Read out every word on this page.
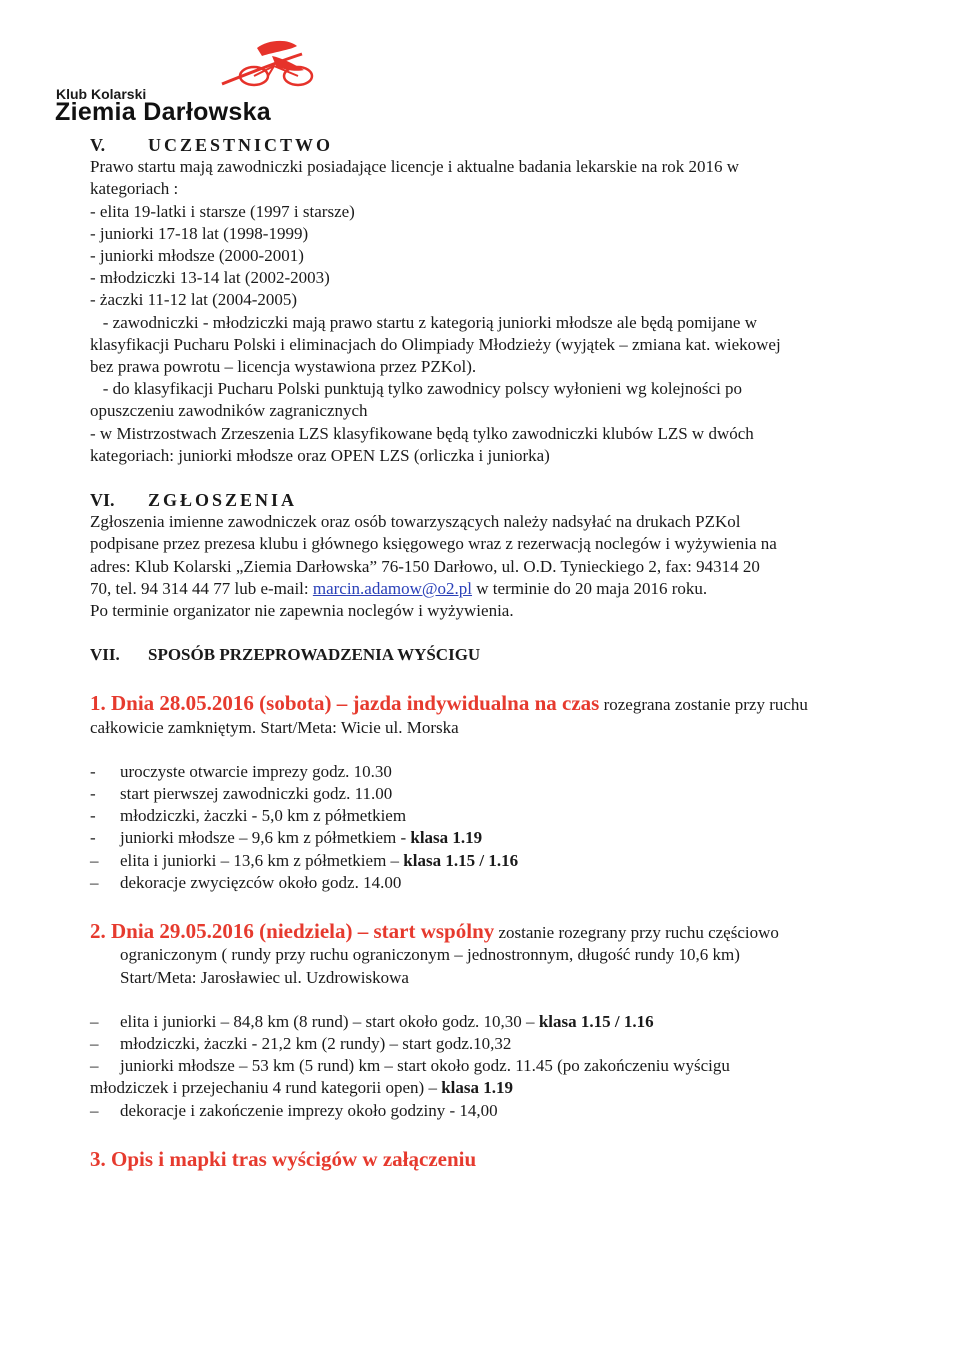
Klub Kolarski
Ziemia Darłowska
V. UCZESTNICTWO
Prawo startu mają zawodniczki posiadające licencje i aktualne badania lekarskie na rok 2016 w
kategoriach :
- elita 19-latki i starsze (1997 i starsze)
- juniorki 17-18 lat (1998-1999)
- juniorki młodsze (2000-2001)
- młodziczki 13-14 lat (2002-2003)
- żaczki 11-12 lat (2004-2005)
- zawodniczki - młodziczki mają prawo startu z kategorią juniorki młodsze ale będą pomijane w
klasyfikacji Pucharu Polski i eliminacjach do Olimpiady Młodzieży (wyjątek – zmiana kat. wiekowej
bez prawa powrotu – licencja wystawiona przez PZKol).
- do klasyfikacji Pucharu Polski punktują tylko zawodnicy polscy wyłonieni wg kolejności po
opuszczeniu zawodników zagranicznych
- w Mistrzostwach Zrzeszenia LZS klasyfikowane będą tylko zawodniczki klubów LZS w dwóch
kategoriach: juniorki młodsze oraz OPEN LZS (orliczka i juniorka)
VI. ZGŁOSZENIA
Zgłoszenia imienne zawodniczek oraz osób towarzyszących należy nadsyłać na drukach PZKol
podpisane przez prezesa klubu i głównego księgowego wraz z rezerwacją noclegów i wyżywienia na
adres: Klub Kolarski „Ziemia Darłowska” 76-150 Darłowo, ul. O.D. Tynieckiego 2, fax: 94314 20
70, tel. 94 314 44 77 lub e-mail: marcin.adamow@o2.pl w terminie do 20 maja 2016 roku.
Po terminie organizator nie zapewnia noclegów i wyżywienia.
VII. SPOSÓB PRZEPROWADZENIA WYŚCIGU
1. Dnia 28.05.2016 (sobota) – jazda indywidualna na czas rozegrana zostanie przy ruchu
całkowicie zamkniętym. Start/Meta: Wicie ul. Morska
- uroczyste otwarcie imprezy godz. 10.30
- start pierwszej zawodniczki godz. 11.00
- młodziczki, żaczki - 5,0 km z półmetkiem
- juniorki młodsze – 9,6 km z półmetkiem - klasa 1.19
– elita i juniorki – 13,6 km z półmetkiem – klasa 1.15 / 1.16
– dekoracje zwycięzców około godz. 14.00
2. Dnia 29.05.2016 (niedziela) – start wspólny zostanie rozegrany przy ruchu częściowo
ograniczonym ( rundy przy ruchu ograniczonym – jednostronnym, długość rundy 10,6 km)
Start/Meta: Jarosławiec ul. Uzdrowiskowa
– elita i juniorki – 84,8 km (8 rund) – start około godz. 10,30 – klasa 1.15 / 1.16
– młodziczki, żaczki - 21,2 km (2 rundy) – start godz.10,32
– juniorki młodsze – 53 km (5 rund) km – start około godz. 11.45 (po zakończeniu wyścigu
młodziczek i przejechaniu 4 rund kategorii open) – klasa 1.19
– dekoracje i zakończenie imprezy około godziny - 14,00
3. Opis i mapki tras wyścigów w załączeniu
